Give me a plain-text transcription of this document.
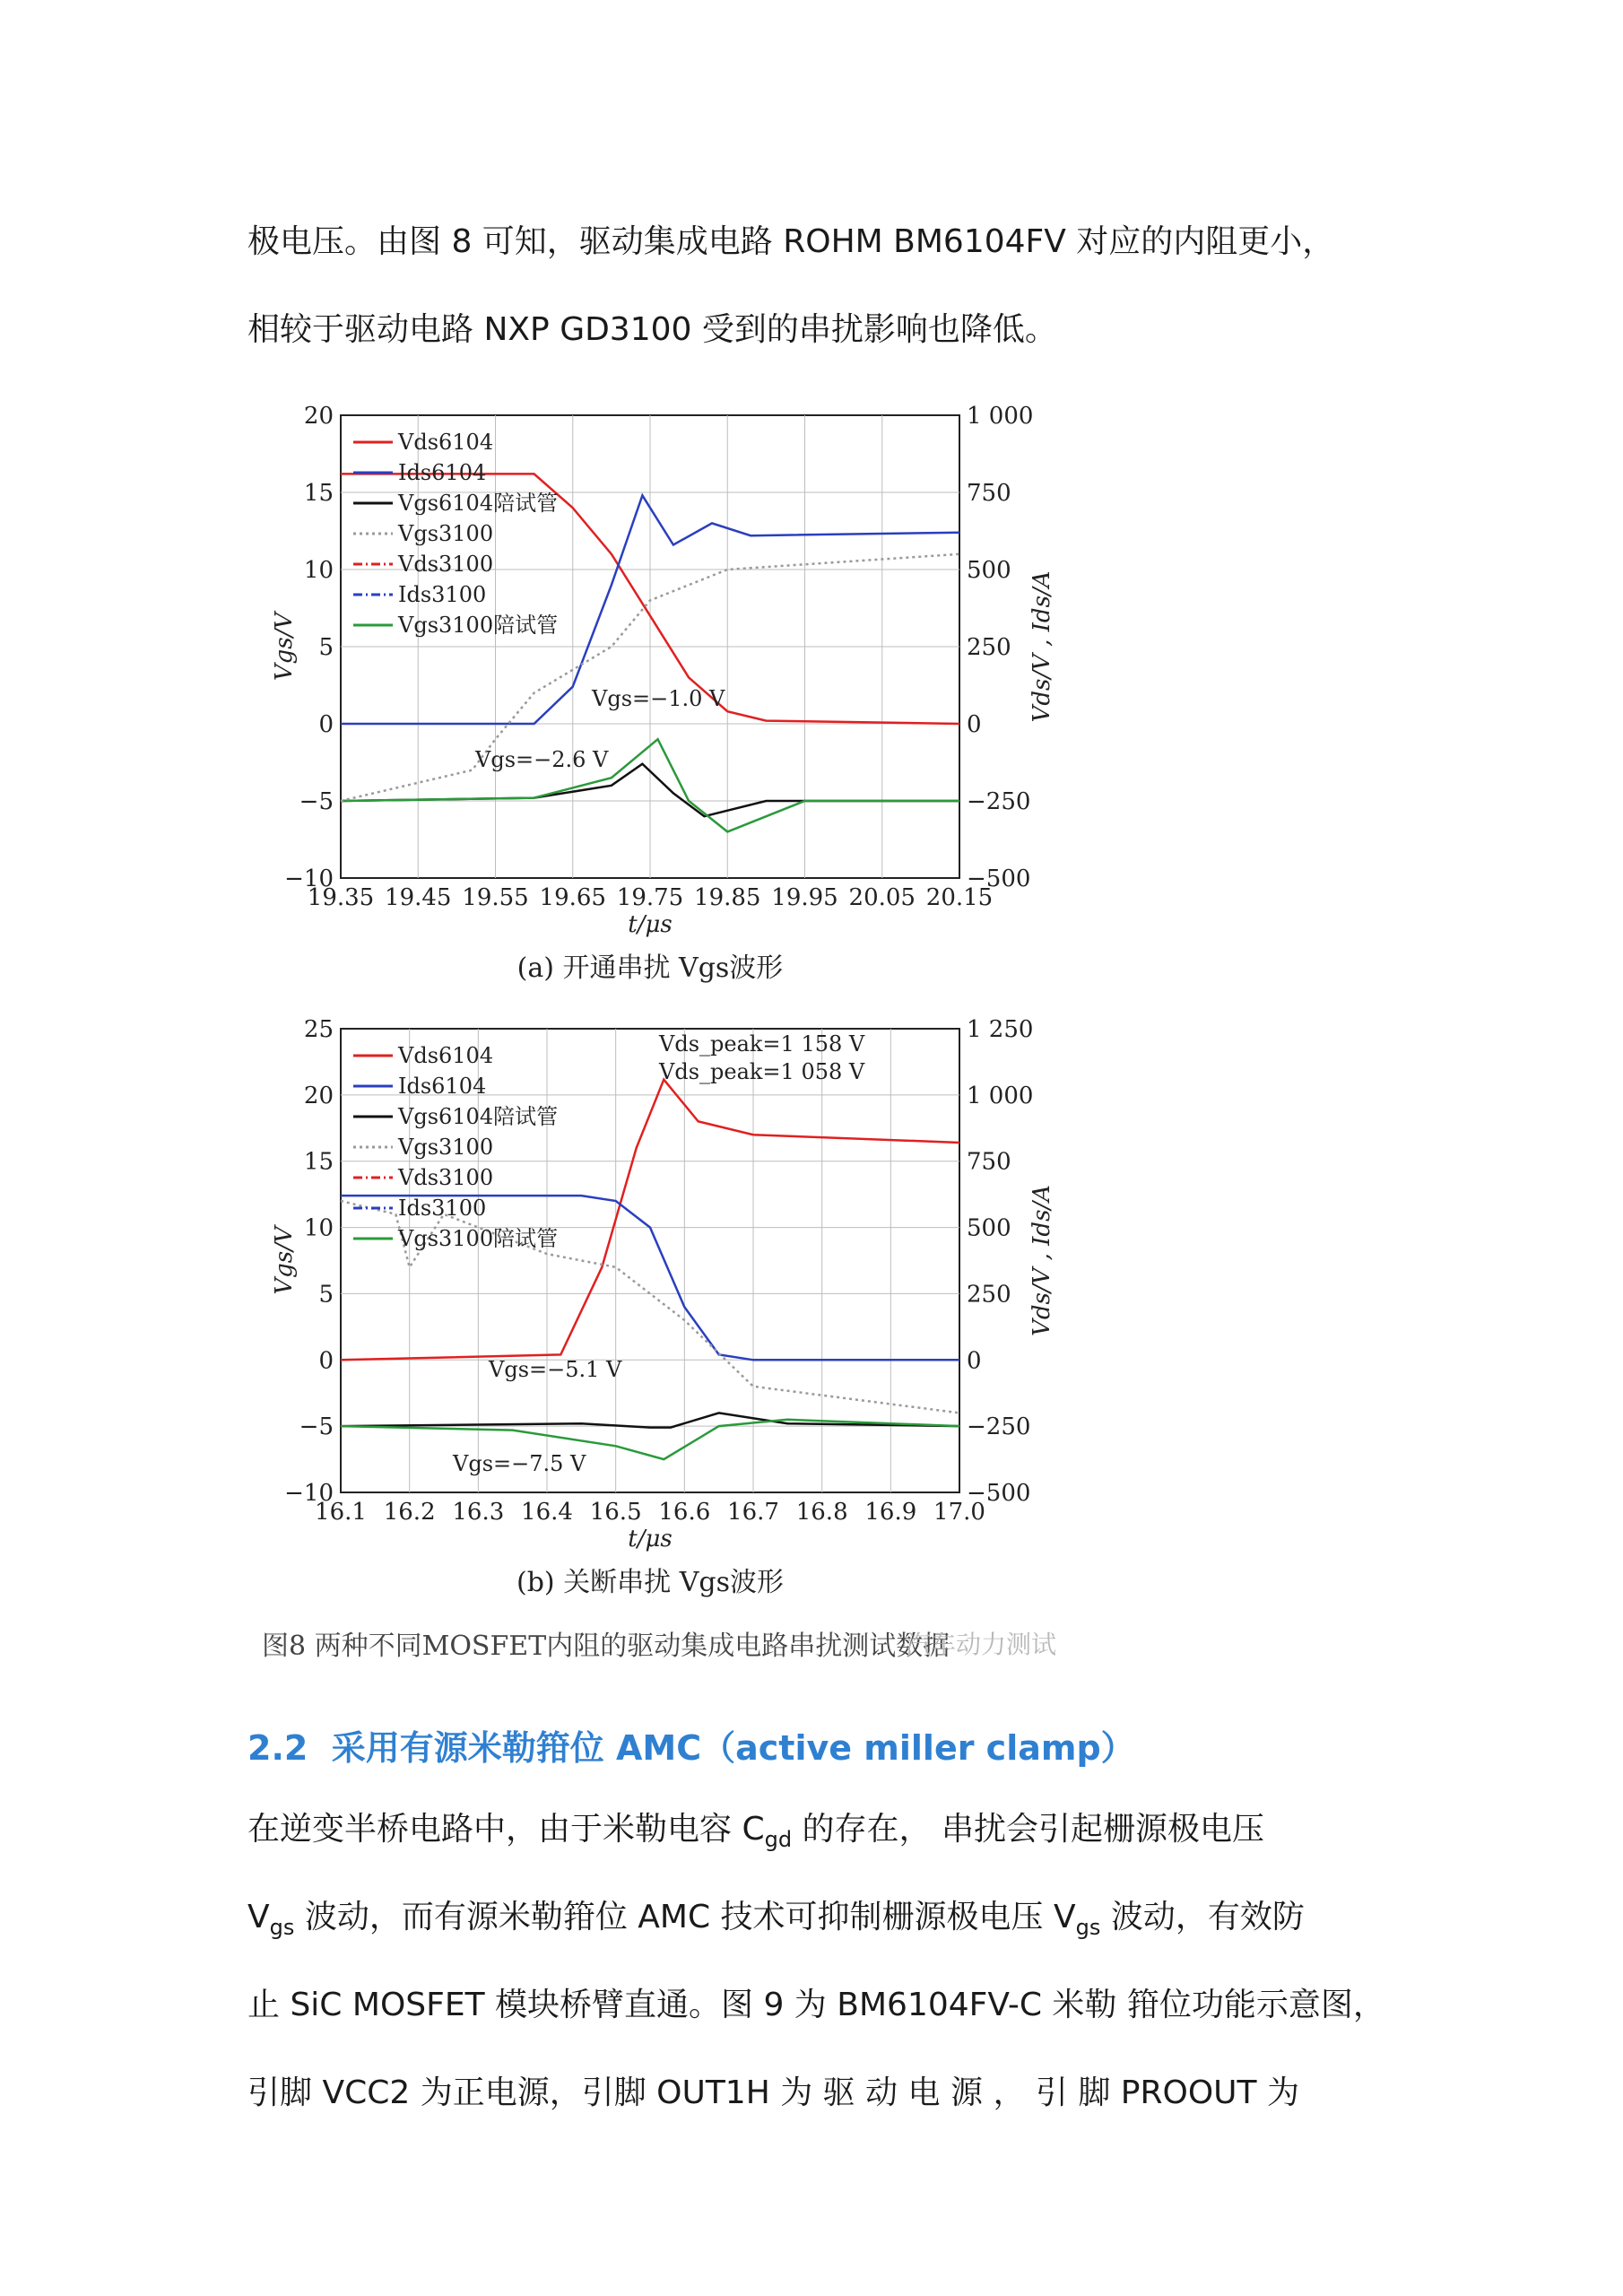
极电压。由图 8 可知，驱动集成电路 ROHM BM6104FV 对应的内阻更小，
相较于驱动电路 NXP GD3100 受到的串扰影响也降低。
19.35 19.45 19.55 19.65 19.75 19.85 19.95 20.05 20.15
20
15
10
5
0
−5
−10
1 000
750
500
250
0
−250
−500
t/μs
Vgs/V	Vds/V , Ids/A
Vds6104
Ids6104
Vgs6104陪试管
Vgs3100
Vds3100
Ids3100
Vgs3100陪试管
Vgs=−1.0 V
Vgs=−2.6 V
(a) 开通串扰 Vgs波形
16.1 16.2 16.3 16.4 16.5 16.6 16.7 16.8 16.9 17.0
25
20
15
10
5
0
−5
−10
1 250
1 000
750
500
250
0
−250
−500
t/μs
Vgs/V	Vds/V , Ids/A
Vds6104
Ids6104
Vgs6104陪试管
Vgs3100
Vds3100
Ids3100
Vgs3100陪试管
Vds_peak=1 158 V
Vds_peak=1 058 V
Vgs=−5.1 V
Vgs=−7.5 V
(b) 关断串扰 Vgs波形
图8 两种不同MOSFET内阻的驱动集成电路串扰测试数据
汽车动力测试
2.2 采用有源米勒箝位 AMC（active miller clamp）
在逆变半桥电路中，由于米勒电容 $C_{gd}$ 的存在， 串扰会引起栅源极电压
$V_{gs}$ 波动，而有源米勒箝位 AMC 技术可抑制栅源极电压 $V_{gs}$ 波动，有效防
止 SiC MOSFET 模块桥臂直通。图 9 为 BM6104FV-C 米勒 箝位功能示意图，
引脚 VCC2 为正电源，引脚 OUT1H 为 驱 动 电 源 ， 引 脚 PROOUT 为
